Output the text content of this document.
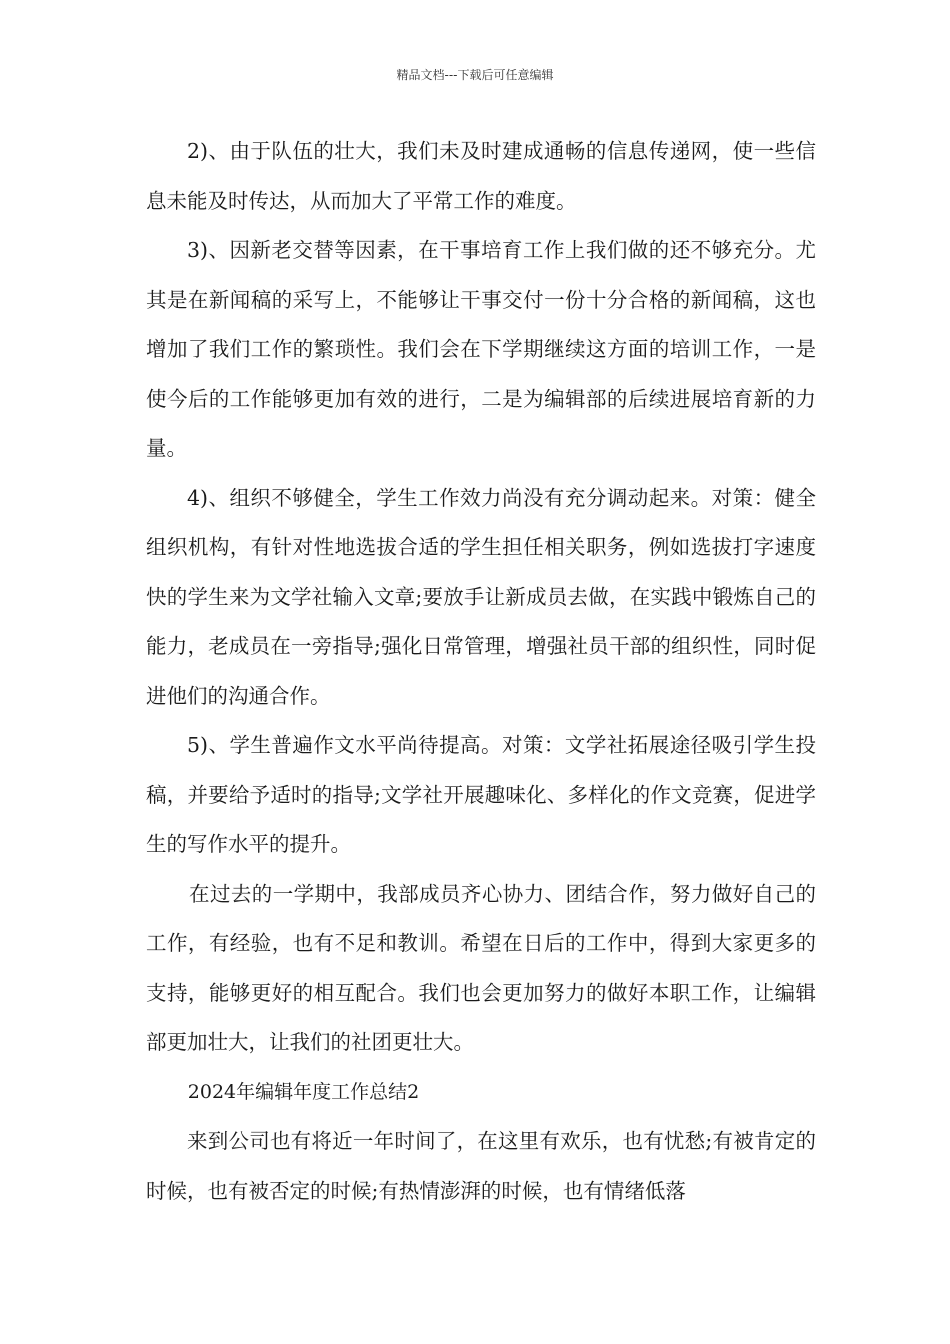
精品文档---下载后可任意编辑

2)、由于队伍的壮大，我们未及时建成通畅的信息传递网，使一些信息未能及时传达，从而加大了平常工作的难度。

3)、因新老交替等因素，在干事培育工作上我们做的还不够充分。尤其是在新闻稿的采写上，不能够让干事交付一份十分合格的新闻稿，这也增加了我们工作的繁琐性。我们会在下学期继续这方面的培训工作，一是使今后的工作能够更加有效的进行，二是为编辑部的后续进展培育新的力量。

4)、组织不够健全，学生工作效力尚没有充分调动起来。对策：健全组织机构，有针对性地选拔合适的学生担任相关职务，例如选拔打字速度快的学生来为文学社输入文章;要放手让新成员去做，在实践中锻炼自己的能力，老成员在一旁指导;强化日常管理，增强社员干部的组织性，同时促进他们的沟通合作。

5)、学生普遍作文水平尚待提高。对策：文学社拓展途径吸引学生投稿，并要给予适时的指导;文学社开展趣味化、多样化的作文竞赛，促进学生的写作水平的提升。

在过去的一学期中，我部成员齐心协力、团结合作，努力做好自己的工作，有经验，也有不足和教训。希望在日后的工作中，得到大家更多的支持，能够更好的相互配合。我们也会更加努力的做好本职工作，让编辑部更加壮大，让我们的社团更壮大。

2024年编辑年度工作总结2

来到公司也有将近一年时间了，在这里有欢乐，也有忧愁;有被肯定的时候，也有被否定的时候;有热情澎湃的时候，也有情绪低落
